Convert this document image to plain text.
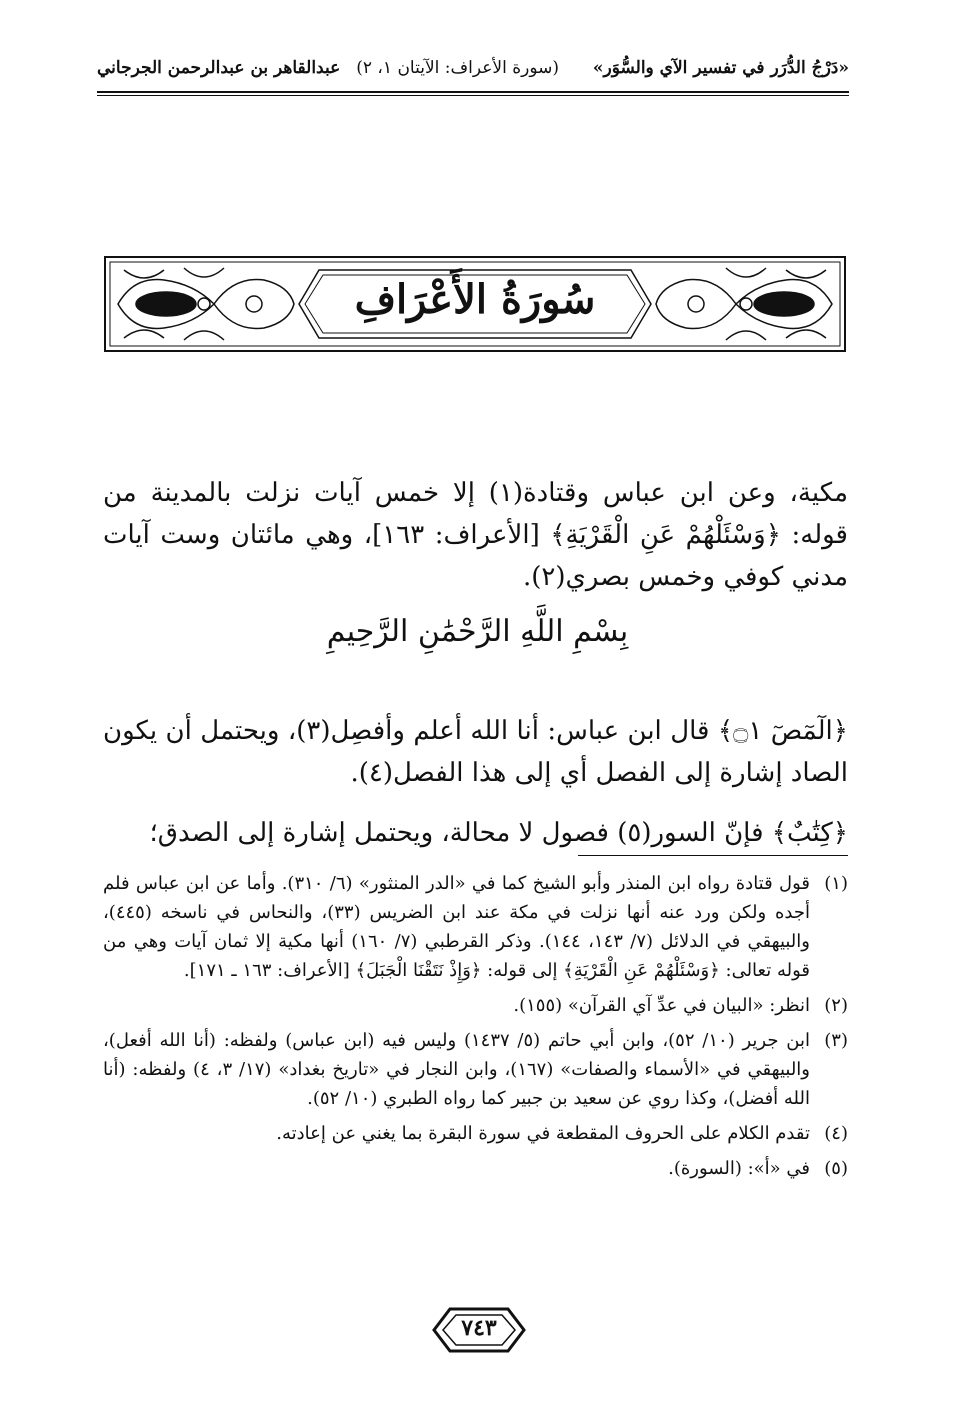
«دَرْجُ الدُّرَر في تفسير الآي والسُّوَر»
(سورة الأعراف: الآيتان ١، ٢)
عبدالقاهر بن عبدالرحمن الجرجاني
سُورَةُ الأَعْرَافِ

مكية، وعن ابن عباس وقتادة(١) إلا خمس آيات نزلت بالمدينة من قوله: ﴿وَسْئَلْهُمْ عَنِ الْقَرْيَةِ﴾ [الأعراف: ١٦٣]، وهي مائتان وست آيات مدني كوفي وخمس بصري(٢).

بِسْمِ اللَّهِ الرَّحْمَٰنِ الرَّحِيمِ

﴿الٓمٓصٓ ۝١﴾ قال ابن عباس: أنا الله أعلم وأفصِل(٣)، ويحتمل أن يكون الصاد إشارة إلى الفصل أي إلى هذا الفصل(٤).

﴿كِتَٰبٌ﴾ فإنّ السور(٥) فصول لا محالة، ويحتمل إشارة إلى الصدق؛

(١)
قول قتادة رواه ابن المنذر وأبو الشيخ كما في «الدر المنثور» (٦/ ٣١٠). وأما عن ابن عباس فلم أجده ولكن ورد عنه أنها نزلت في مكة عند ابن الضريس (٣٣)، والنحاس في ناسخه (٤٤٥)، والبيهقي في الدلائل (٧/ ١٤٣، ١٤٤). وذكر القرطبي (٧/ ١٦٠) أنها مكية إلا ثمان آيات وهي من قوله تعالى: ﴿وَسْئَلْهُمْ عَنِ الْقَرْيَةِ﴾ إلى قوله: ﴿وَإِذْ نَتَقْنَا الْجَبَلَ﴾ [الأعراف: ١٦٣ ـ ١٧١].
(٢)
انظر: «البيان في عدِّ آي القرآن» (١٥٥).
(٣)
ابن جرير (١٠/ ٥٢)، وابن أبي حاتم (٥/ ١٤٣٧) وليس فيه (ابن عباس) ولفظه: (أنا الله أفعل)، والبيهقي في «الأسماء والصفات» (١٦٧)، وابن النجار في «تاريخ بغداد» (١٧/ ٣، ٤) ولفظه: (أنا الله أفضل)، وكذا روي عن سعيد بن جبير كما رواه الطبري (١٠/ ٥٢).
(٤)
تقدم الكلام على الحروف المقطعة في سورة البقرة بما يغني عن إعادته.
(٥)
في «أ»: (السورة).
٧٤٣
